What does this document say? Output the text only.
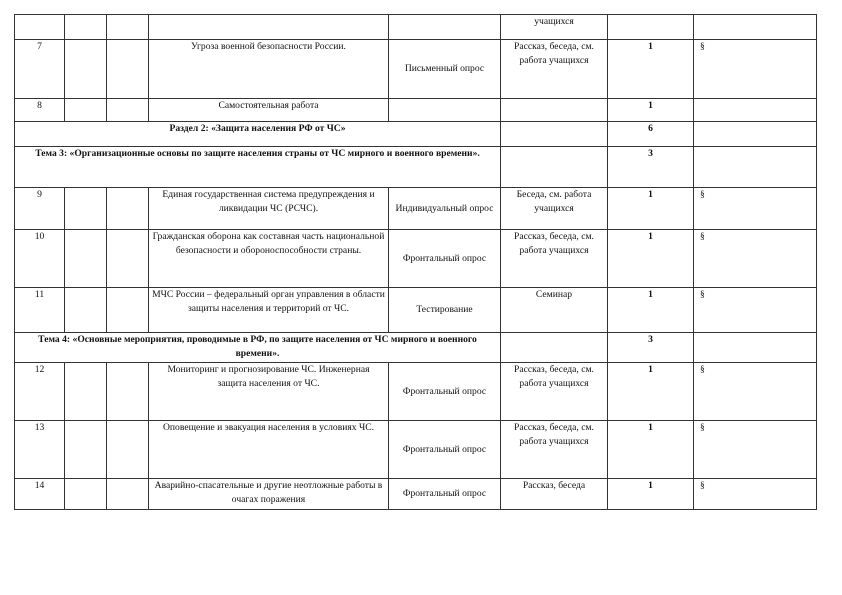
					учащихся		
7			Угроза военной безопасности России.	Письменный опрос	Рассказ, беседа, см. работа учащихся	1	§
8			Самостоятельная работа			1	
Раздел 2: «Защита населения РФ от ЧС»						6	
Тема 3: «Организационные основы по защите населения страны от ЧС мирного и военного времени».						3	
9			Единая государственная система предупреждения и ликвидации ЧС (РСЧС).	Индивидуальный опрос	Беседа, см. работа учащихся	1	§
10			Гражданская оборона как составная часть национальной безопасности и обороноспособности страны.	Фронтальный опрос	Рассказ, беседа, см. работа учащихся	1	§
11			МЧС России – федеральный орган управления в области защиты населения и территорий от ЧС.	Тестирование	Семинар	1	§
Тема 4: «Основные мероприятия, проводимые в РФ, по защите населения от ЧС мирного и военного времени».						3	
12			Мониторинг и прогнозирование ЧС. Инженерная защита населения от ЧС.	Фронтальный опрос	Рассказ, беседа, см. работа учащихся	1	§
13			Оповещение и эвакуация населения в условиях ЧС.	Фронтальный опрос	Рассказ, беседа, см. работа учащихся	1	§
14			Аварийно-спасательные и другие неотложные работы в очагах поражения	Фронтальный опрос	Рассказ, беседа	1	§
